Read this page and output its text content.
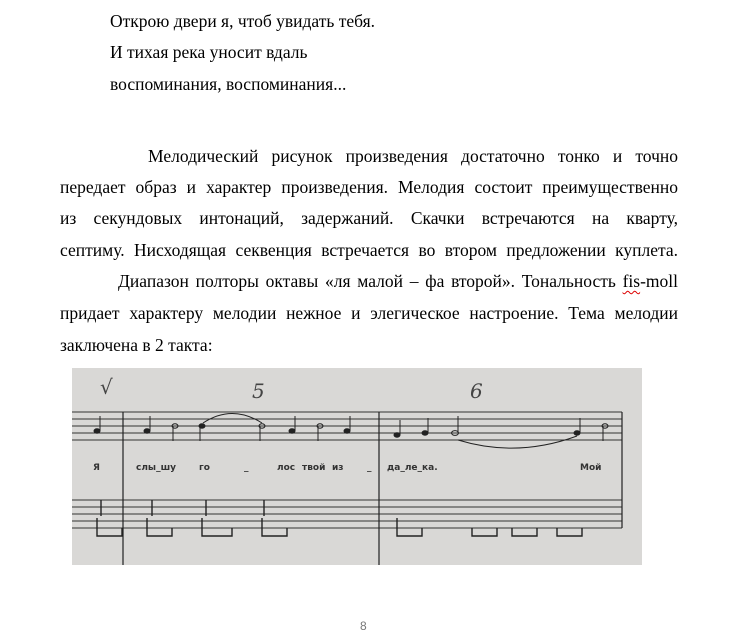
Открою двери я, чтоб увидать тебя.
И тихая река уносит вдаль
воспоминания, воспоминания...
Мелодический рисунок произведения достаточно тонко и точно
передает образ и характер произведения. Мелодия состоит преимущественно
из секундовых интонаций, задержаний. Скачки встречаются на кварту,
септиму. Нисходящая секвенция встречается во втором предложении куплета.
Диапазон полторы октавы «ля малой – фа второй». Тональность fis-moll
придает характеру мелодии нежное и элегическое настроение. Тема мелодии
заключена в 2 такта:
√	5	6
Я	слы_шу	го	_	лос твой из	_ да_ле_ка.	Мой
8
